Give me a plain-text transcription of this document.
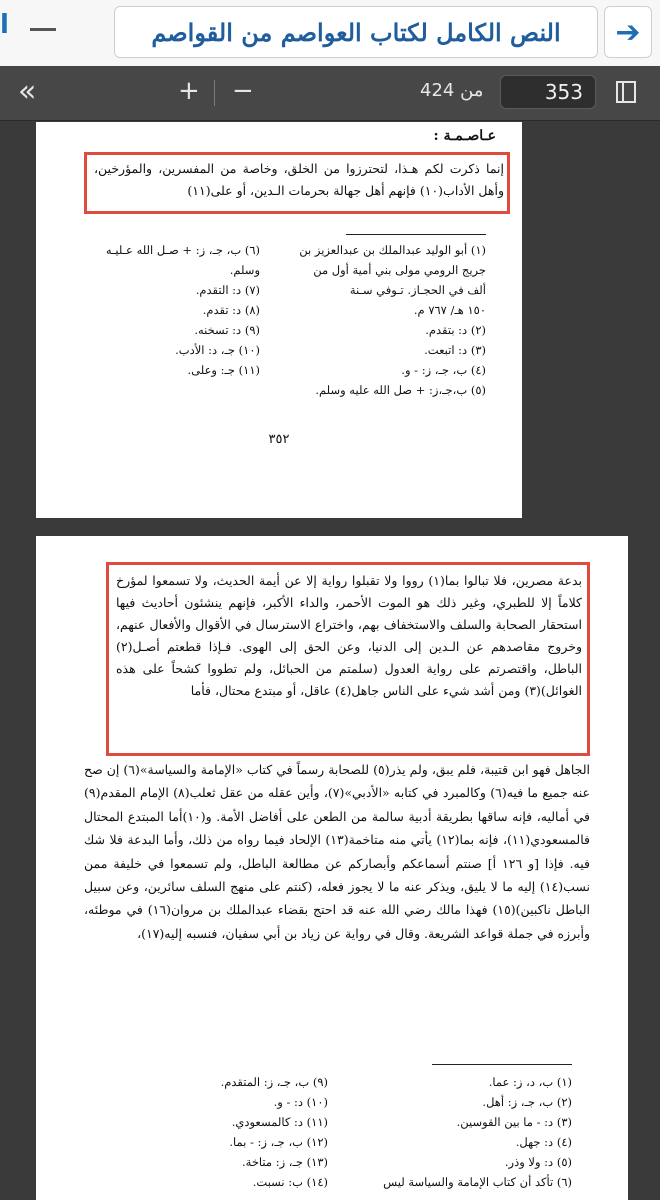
ا	النص الكامل لكتاب العواصم من القواصم ➔
«	+ −	من 424
353
عـاصـمـة :
إنما ذكرت لكم هـذا، لتحترزوا من الخلق، وخاصة من المفسرين، والمؤرخين، وأهل الأداب(١٠) فإنهم أهل جهالة بحرمات الـدين، أو على(١١)
(١) أبو الوليد عبدالملك بن عبدالعزيز بن
جريج الرومي مولى بني أمية أول من
ألف في الحجـاز. تـوفي سـنة
١٥٠ هـ/ ٧٦٧ م.
(٢) د: بتقدم.
(٣) د: اتبعت.
(٤) ب، جـ، ز: - و.
(٥) ب،جـ،ز: + صل الله عليه وسلم.
(٦) ب، جـ، ز: + صـل الله عـليـه
وسلم.
(٧) د: التقدم.
(٨) د: تقدم.
(٩) د: تسخنه.
(١٠) جـ، د: الأدب.
(١١) جـ: وعلى.
٣٥٢
بدعة مصرين، فلا تبالوا بما(١) رووا ولا تقبلوا رواية إلا عن أيمة الحديث، ولا تسمعوا لمؤرخ كلاماً إلا للطبري، وغير ذلك هو الموت الأحمر، والداء الأكبر، فإنهم ينشئون أحاديث فيها استحقار الصحابة والسلف والاستخفاف بهم، واختراع الاسترسال في الأقوال والأفعال عنهم، وخروج مقاصدهم عن الـدين إلى الدنيا، وعن الحق إلى الهوى. فـإذا قطعتم أصـل(٢) الباطل، واقتصرتم على رواية العدول (سلمتم من الحبائل، ولم تطووا كشحاً على هذه الغوائل)(٣) ومن أشد شيء على الناس جاهل(٤) عاقل، أو مبتدع محتال، فأما
الجاهل فهو ابن قتيبة، فلم يبق، ولم يذر(٥) للصحابة رسماً في كتاب «الإمامة والسياسة»(٦) إن صح عنه جميع ما فيه(٦) وكالمبرد في كتابه «الأدبي»(٧)، وأين عقله من عقل ثعلب(٨) الإمام المقدم(٩) في أماليه، فإنه ساقها بطريقة أدبية سالمة من الطعن على أفاضل الأمة. و(١٠)أما المبتدع المحتال فالمسعودي(١١)، فإنه بما(١٢) يأتي منه متاخمة(١٣) الإلحاد فيما رواه من ذلك، وأما البدعة فلا شك فيه. فإذا [و ١٢٦ أ] صنتم أسماعكم وأبصاركم عن مطالعة الباطل، ولم تسمعوا في خليفة ممن نسب(١٤) إليه ما لا يليق، ويذكر عنه ما لا يجوز فعله، (كنتم على منهج السلف سائرين، وعن سبيل الباطل ناكبين)(١٥) فهذا مالك رضي الله عنه قد احتج بقضاء عبدالملك بن مروان(١٦) في موطئه، وأبرزه في جملة قواعد الشريعة. وقال في رواية عن زياد بن أبي سفيان، فنسبه إليه(١٧)،
(١) ب، د، ز: عما.
(٢) ب، جـ، ز: أهل.
(٣) د: - ما بين القوسين.
(٤) د: جهل.
(٥) د: ولا وذر.
(٦) تأكد أن كتاب الإمامة والسياسة ليس
(٩) ب، جـ، ز: المتقدم.
(١٠) د: - و.
(١١) د: كالمسعودي.
(١٢) ب، جـ، ز: - بما.
(١٣) جـ، ز: متاخة.
(١٤) ب: نسبت.
